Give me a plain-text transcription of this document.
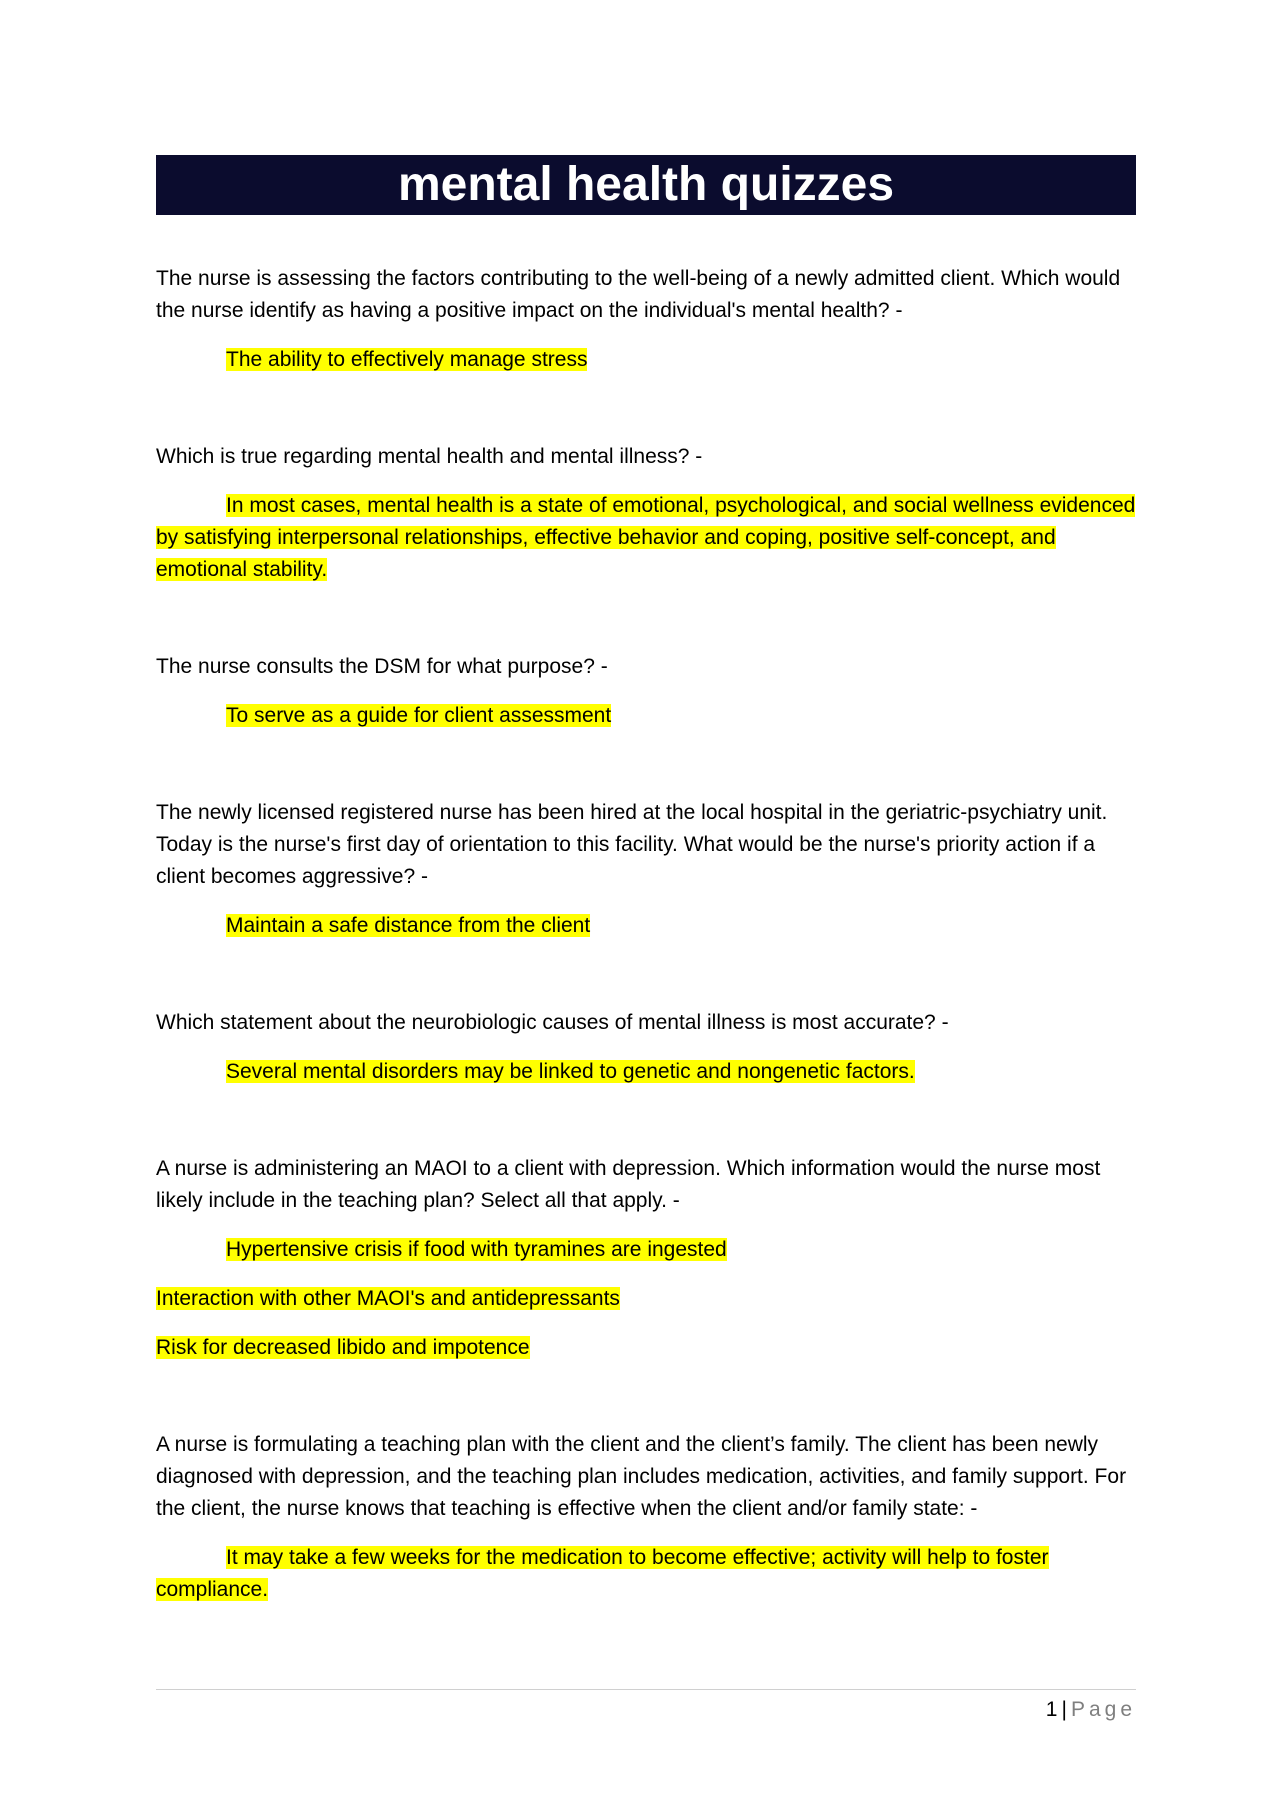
mental health quizzes

The nurse is assessing the factors contributing to the well-being of a newly admitted client. Which would the nurse identify as having a positive impact on the individual's mental health? -

The ability to effectively manage stress

Which is true regarding mental health and mental illness? -

In most cases, mental health is a state of emotional, psychological, and social wellness evidenced by satisfying interpersonal relationships, effective behavior and coping, positive self-concept, and emotional stability.

The nurse consults the DSM for what purpose? -

To serve as a guide for client assessment

The newly licensed registered nurse has been hired at the local hospital in the geriatric-psychiatry unit. Today is the nurse's first day of orientation to this facility. What would be the nurse's priority action if a client becomes aggressive? -

Maintain a safe distance from the client

Which statement about the neurobiologic causes of mental illness is most accurate? -

Several mental disorders may be linked to genetic and nongenetic factors.

A nurse is administering an MAOI to a client with depression. Which information would the nurse most likely include in the teaching plan? Select all that apply. -

Hypertensive crisis if food with tyramines are ingested

Interaction with other MAOI's and antidepressants

Risk for decreased libido and impotence

A nurse is formulating a teaching plan with the client and the client’s family. The client has been newly diagnosed with depression, and the teaching plan includes medication, activities, and family support. For the client, the nurse knows that teaching is effective when the client and/or family state: -

It may take a few weeks for the medication to become effective; activity will help to foster compliance.

1 | Page
